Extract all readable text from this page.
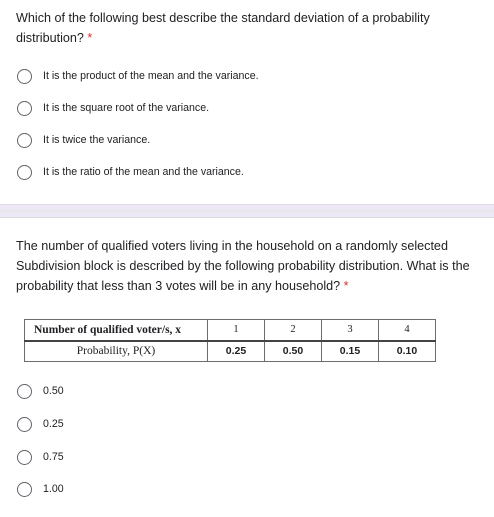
Which of the following best describe the standard deviation of a probability distribution? *
It is the product of the mean and the variance.
It is the square root of the variance.
It is twice the variance.
It is the ratio of the mean and the variance.
The number of qualified voters living in the household on a randomly selected Subdivision block is described by the following probability distribution. What is the probability that less than 3 votes will be in any household? *
Number of qualified voter/s, x	1	2	3	4
Probability, P(X)	0.25	0.50	0.15	0.10
0.50
0.25
0.75
1.00
